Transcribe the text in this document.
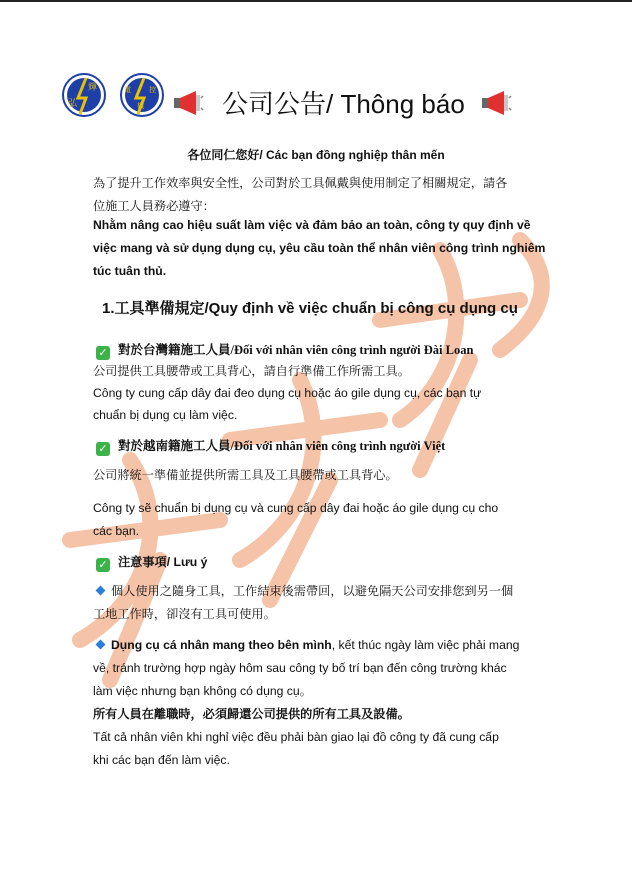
輝
弘
電
機
控	公司公告/ Thông báo
各位同仁您好/ Các bạn đồng nghiệp thân mến
為了提升工作效率與安全性，公司對於工具佩戴與使用制定了相關規定，請各
位施工人員務必遵守：
Nhằm nâng cao hiệu suất làm việc và đảm bảo an toàn, công ty quy định về
việc mang và sử dụng dụng cụ, yêu cầu toàn thể nhân viên công trình nghiêm
túc tuân thủ.
1.工具準備規定/Quy định về việc chuẩn bị công cụ dụng cụ
✓ 對於台灣籍施工人員/Đối với nhân viên công trình người Đài Loan
公司提供工具腰帶或工具背心，請自行準備工作所需工具。
Công ty cung cấp dây đai đeo dụng cụ hoặc áo gile dụng cụ, các bạn tự
chuẩn bị dụng cụ làm việc.
✓ 對於越南籍施工人員/Đối với nhân viên công trình người Việt
公司將統一準備並提供所需工具及工具腰帶或工具背心。
Công ty sẽ chuẩn bị dụng cụ và cung cấp dây đai hoặc áo gile dụng cụ cho
các bạn.
✓ 注意事項/ Lưu ý
個人使用之隨身工具，工作結束後需帶回，以避免隔天公司安排您到另一個
工地工作時，卻沒有工具可使用。
Dụng cụ cá nhân mang theo bên mình, kết thúc ngày làm việc phải mang
về, tránh trường hợp ngày hôm sau công ty bố trí bạn đến công trường khác
làm việc nhưng bạn không có dụng cụ。
所有人員在離職時，必須歸還公司提供的所有工具及設備。
Tất cả nhân viên khi nghỉ việc đều phải bàn giao lại đồ công ty đã cung cấp
khi các bạn đến làm việc.
